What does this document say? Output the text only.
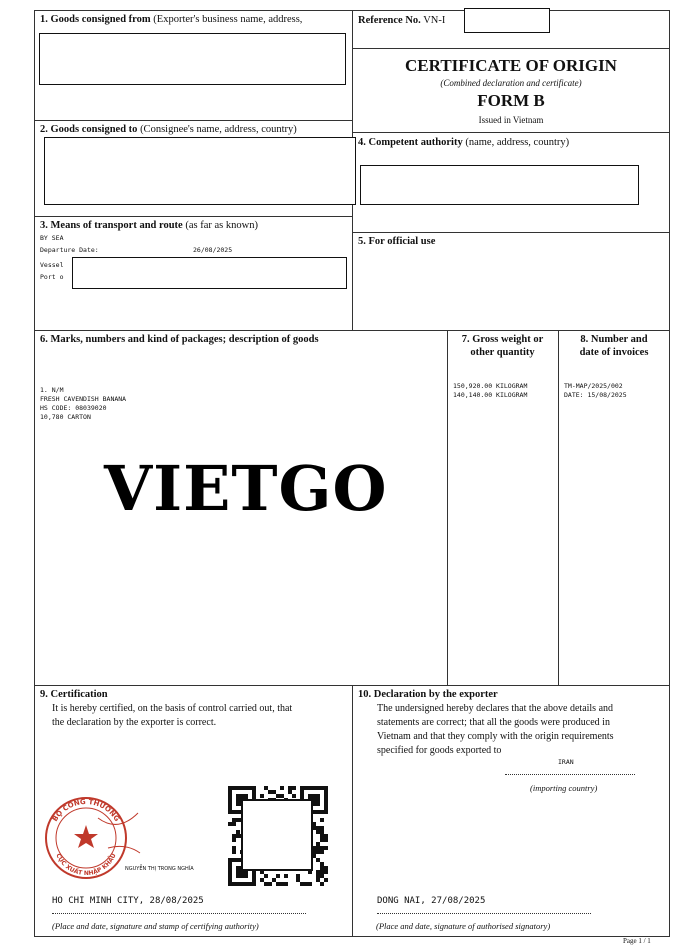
1. Goods consigned from (Exporter's business name, address,
2. Goods consigned to (Consignee's name, address, country)
3. Means of transport and route (as far as known)
BY SEA
Departure Date:	26/08/2025
Vessel
Port o
Reference No. VN-I
CERTIFICATE OF ORIGIN
(Combined declaration and certificate)
FORM B
Issued in Vietnam
4. Competent authority (name, address, country)
5. For official use
6. Marks, numbers and kind of packages; description of goods
1. N/M
FRESH CAVENDISH BANANA
HS CODE: 08039020
10,780 CARTON
VIETGO
7. Gross weight or
other quantity
150,920.00 KILOGRAM
140,140.00 KILOGRAM
8. Number and
date of invoices
TM-MAP/2025/002
DATE: 15/08/2025
9. Certification
It is hereby certified, on the basis of control carried out, that
the declaration by the exporter is correct.
BỘ CÔNG THƯƠNG
CỤC XUẤT NHẬP KHẨU
NGUYỄN THỊ TRONG NGHĨA
HO CHI MINH CITY, 28/08/2025
(Place and date, signature and stamp of certifying authority)
10. Declaration by the exporter
The undersigned hereby declares that the above details and
statements are correct; that all the goods were produced in
Vietnam and that they comply with the origin requirements
specified for goods exported to
IRAN
(importing country)
DONG NAI, 27/08/2025
(Place and date, signature of authorised signatory)
Page 1 / 1
